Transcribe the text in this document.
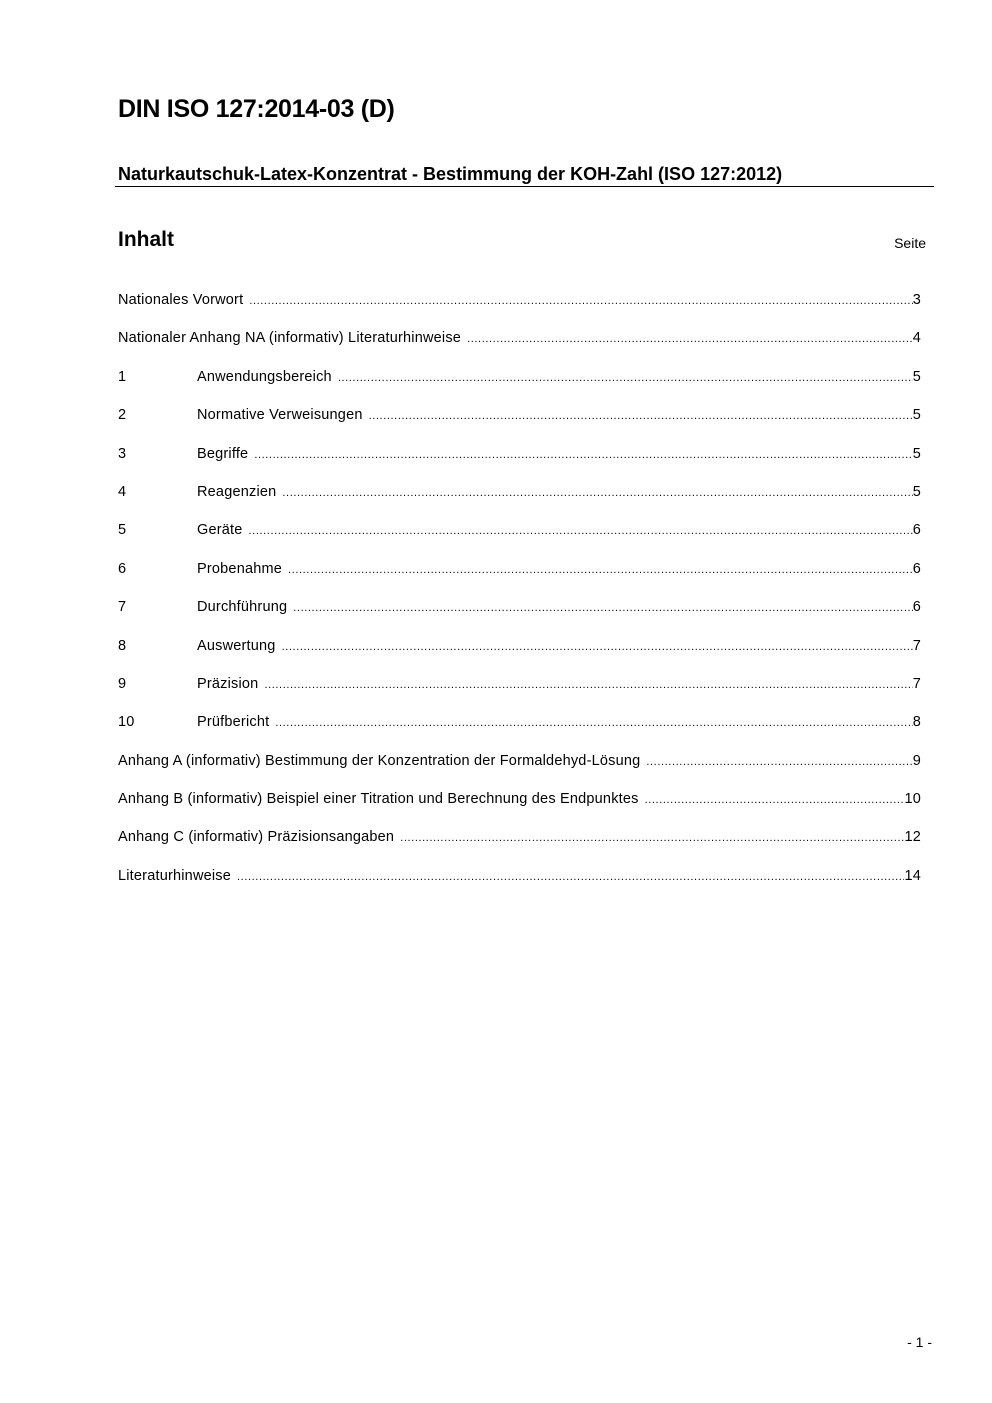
DIN ISO 127:2014-03 (D)
Naturkautschuk-Latex-Konzentrat - Bestimmung der KOH-Zahl (ISO 127:2012)
Inhalt	Seite
Nationales Vorwort .....	3
Nationaler Anhang NA (informativ) Literaturhinweise .....	4
1	Anwendungsbereich .....	5
2	Normative Verweisungen .....	5
3	Begriffe .....	5
4	Reagenzien .....	5
5	Geräte .....	6
6	Probenahme .....	6
7	Durchführung .....	6
8	Auswertung .....	7
9	Präzision .....	7
10	Prüfbericht .....	8
Anhang A (informativ) Bestimmung der Konzentration der Formaldehyd-Lösung .....	9
Anhang B (informativ) Beispiel einer Titration und Berechnung des Endpunktes .....	10
Anhang C (informativ) Präzisionsangaben .....	12
Literaturhinweise .....	14
- 1 -
